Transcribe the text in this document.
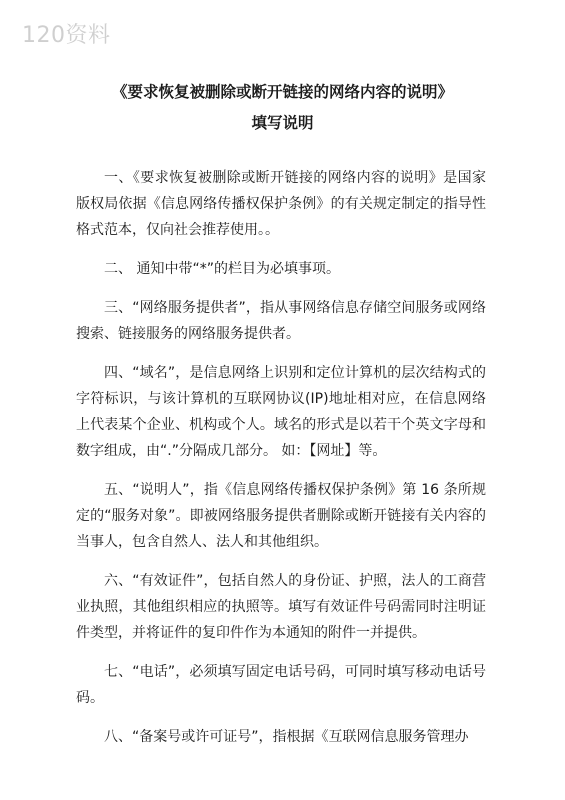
120资料
《要求恢复被删除或断开链接的网络内容的说明》
填写说明

一、《要求恢复被删除或断开链接的网络内容的说明》是国家版权局依据《信息网络传播权保护条例》的有关规定制定的指导性格式范本，仅向社会推荐使用。。

二、 通知中带“*”的栏目为必填事项。

三、“网络服务提供者”，指从事网络信息存储空间服务或网络搜索、链接服务的网络服务提供者。

四、“域名”，是信息网络上识别和定位计算机的层次结构式的字符标识，与该计算机的互联网协议(IP)地址相对应，在信息网络上代表某个企业、机构或个人。域名的形式是以若干个英文字母和数字组成，由“.”分隔成几部分。 如：【网址】等。

五、“说明人”，指《信息网络传播权保护条例》第 16 条所规定的“服务对象”。即被网络服务提供者删除或断开链接有关内容的当事人，包含自然人、法人和其他组织。

六、“有效证件”，包括自然人的身份证、护照，法人的工商营业执照，其他组织相应的执照等。填写有效证件号码需同时注明证件类型，并将证件的复印件作为本通知的附件一并提供。

七、“电话”，必须填写固定电话号码，可同时填写移动电话号码。

八、“备案号或许可证号”，指根据《互联网信息服务管理办
